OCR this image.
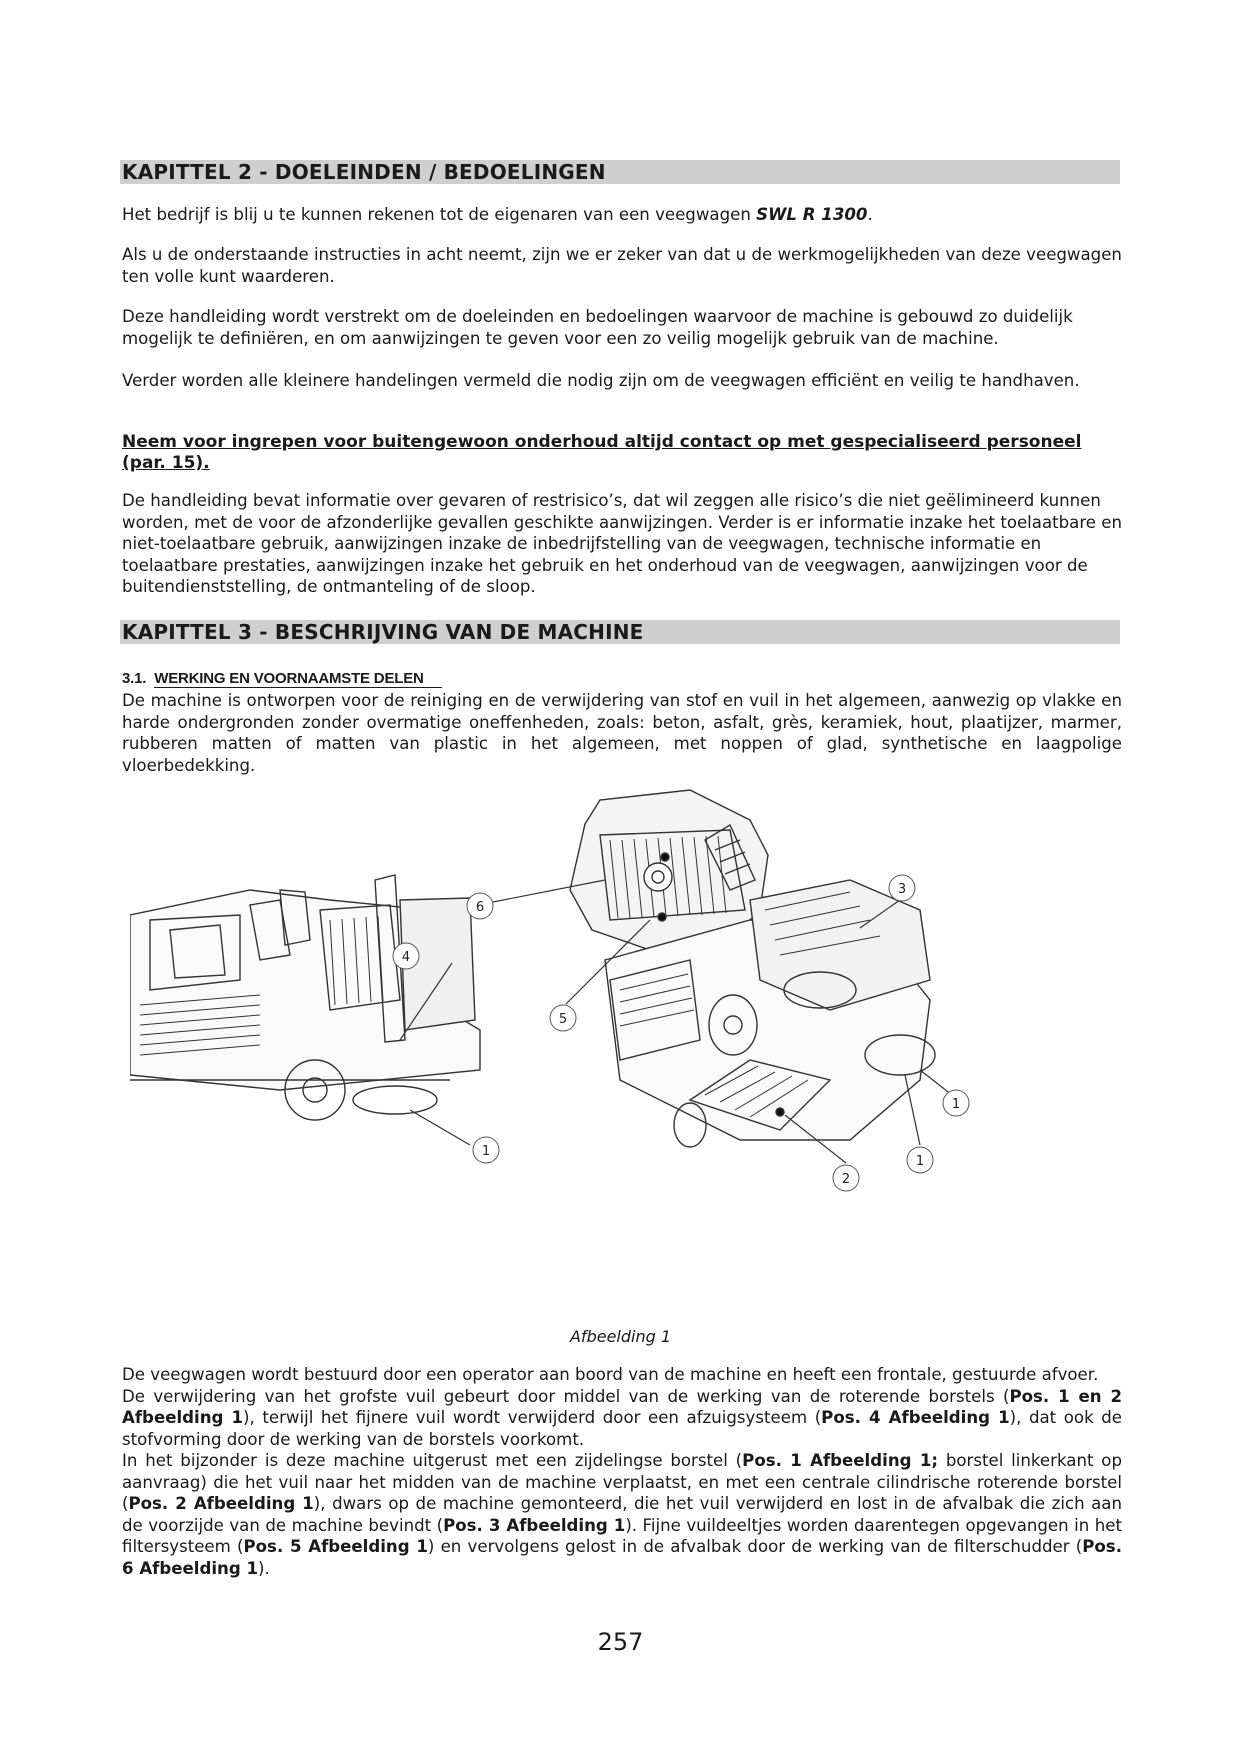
KAPITTEL 2 - DOELEINDEN / BEDOELINGEN

Het bedrijf is blij u te kunnen rekenen tot de eigenaren van een veegwagen SWL R 1300.

Als u de onderstaande instructies in acht neemt, zijn we er zeker van dat u de werkmogelijkheden van deze veegwagen ten volle kunt waarderen.

Deze handleiding wordt verstrekt om de doeleinden en bedoelingen waarvoor de machine is gebouwd zo duidelijk mogelijk te definiëren, en om aanwijzingen te geven voor een zo veilig mogelijk gebruik van de machine.

Verder worden alle kleinere handelingen vermeld die nodig zijn om de veegwagen efficiënt en veilig te handhaven.

Neem voor ingrepen voor buitengewoon onderhoud altijd contact op met gespecialiseerd personeel (par. 15).

De handleiding bevat informatie over gevaren of restrisico’s, dat wil zeggen alle risico’s die niet geëlimineerd kunnen worden, met de voor de afzonderlijke gevallen geschikte aanwijzingen. Verder is er informatie inzake het toelaatbare en niet-toelaatbare gebruik, aanwijzingen inzake de inbedrijfstelling van de veegwagen, technische informatie en toelaatbare prestaties, aanwijzingen inzake het gebruik en het onderhoud van de veegwagen, aanwijzingen voor de buitendienststelling, de ontmanteling of de sloop.

KAPITTEL 3 - BESCHRIJVING VAN DE MACHINE
3.1. WERKING EN VOORNAAMSTE DELEN

De machine is ontworpen voor de reiniging en de verwijdering van stof en vuil in het algemeen, aanwezig op vlakke en harde ondergronden zonder overmatige oneffenheden, zoals: beton, asfalt, grès, keramiek, hout, plaatijzer, marmer, rubberen matten of matten van plastic in het algemeen, met noppen of glad, synthetische en laagpolige vloerbedekking.

6
5
4
3
1
1
1
2
Afbeelding 1

De veegwagen wordt bestuurd door een operator aan boord van de machine en heeft een frontale, gestuurde afvoer.
De verwijdering van het grofste vuil gebeurt door middel van de werking van de roterende borstels (Pos. 1 en 2 Afbeelding 1), terwijl het fijnere vuil wordt verwijderd door een afzuigsysteem (Pos. 4 Afbeelding 1), dat ook de stofvorming door de werking van de borstels voorkomt.
In het bijzonder is deze machine uitgerust met een zijdelingse borstel (Pos. 1 Afbeelding 1; borstel linkerkant op aanvraag) die het vuil naar het midden van de machine verplaatst, en met een centrale cilindrische roterende borstel (Pos. 2 Afbeelding 1), dwars op de machine gemonteerd, die het vuil verwijderd en lost in de afvalbak die zich aan de voorzijde van de machine bevindt (Pos. 3 Afbeelding 1). Fijne vuildeeltjes worden daarentegen opgevangen in het filtersysteem (Pos. 5 Afbeelding 1) en vervolgens gelost in de afvalbak door de werking van de filterschudder (Pos. 6 Afbeelding 1).

257
